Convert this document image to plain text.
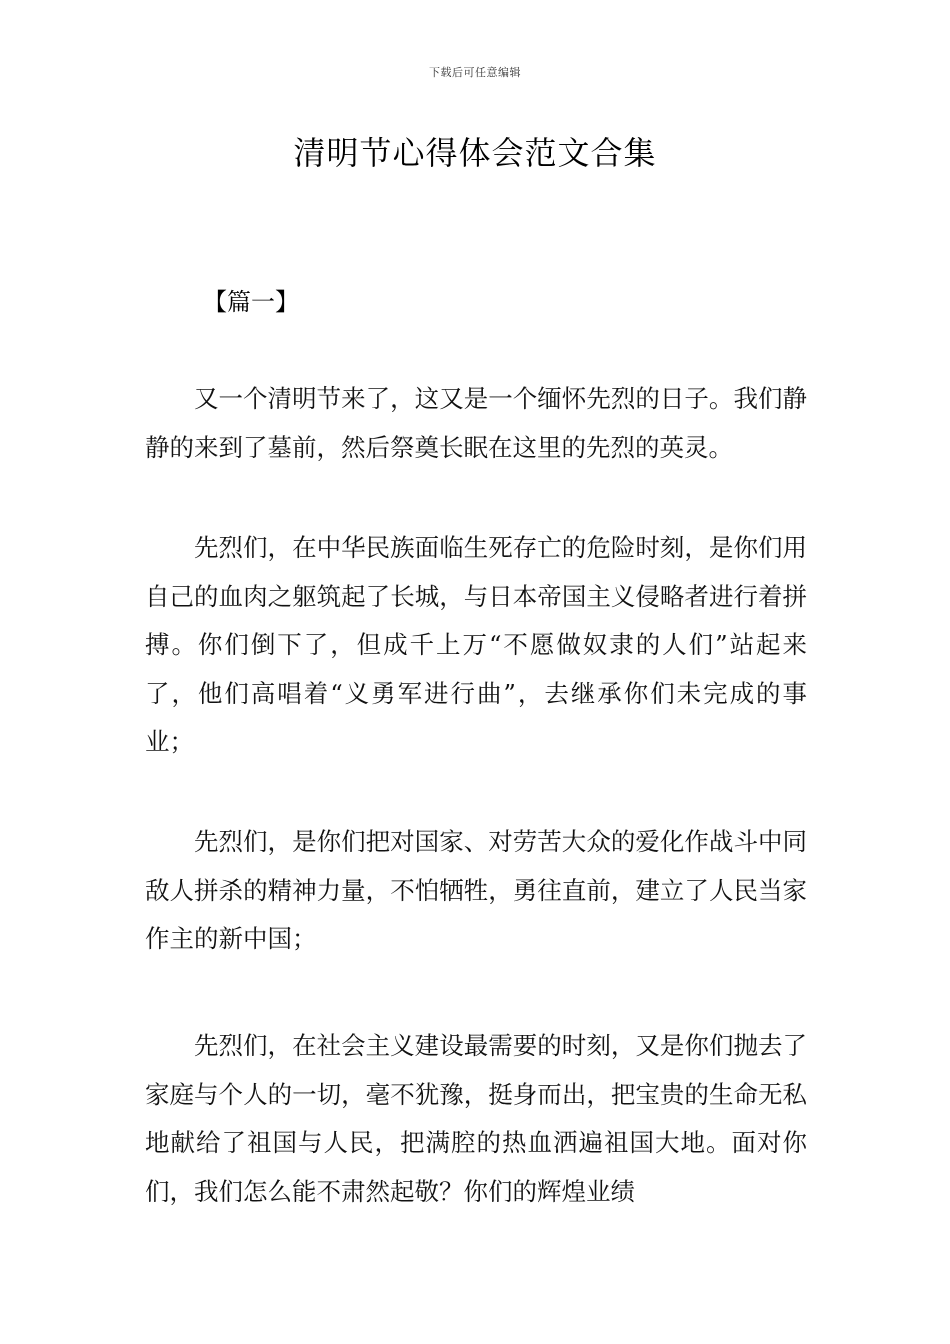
下载后可任意编辑
清明节心得体会范文合集
【篇一】

又一个清明节来了，这又是一个缅怀先烈的日子。我们静静的来到了墓前，然后祭奠长眠在这里的先烈的英灵。

先烈们，在中华民族面临生死存亡的危险时刻，是你们用自己的血肉之躯筑起了长城，与日本帝国主义侵略者进行着拼搏。你们倒下了，但成千上万“不愿做奴隶的人们”站起来了，他们高唱着“义勇军进行曲”，去继承你们未完成的事业；

先烈们，是你们把对国家、对劳苦大众的爱化作战斗中同敌人拼杀的精神力量，不怕牺牲，勇往直前，建立了人民当家作主的新中国；

先烈们，在社会主义建设最需要的时刻，又是你们抛去了家庭与个人的一切，毫不犹豫，挺身而出，把宝贵的生命无私地献给了祖国与人民，把满腔的热血洒遍祖国大地。面对你们，我们怎么能不肃然起敬？你们的辉煌业绩
